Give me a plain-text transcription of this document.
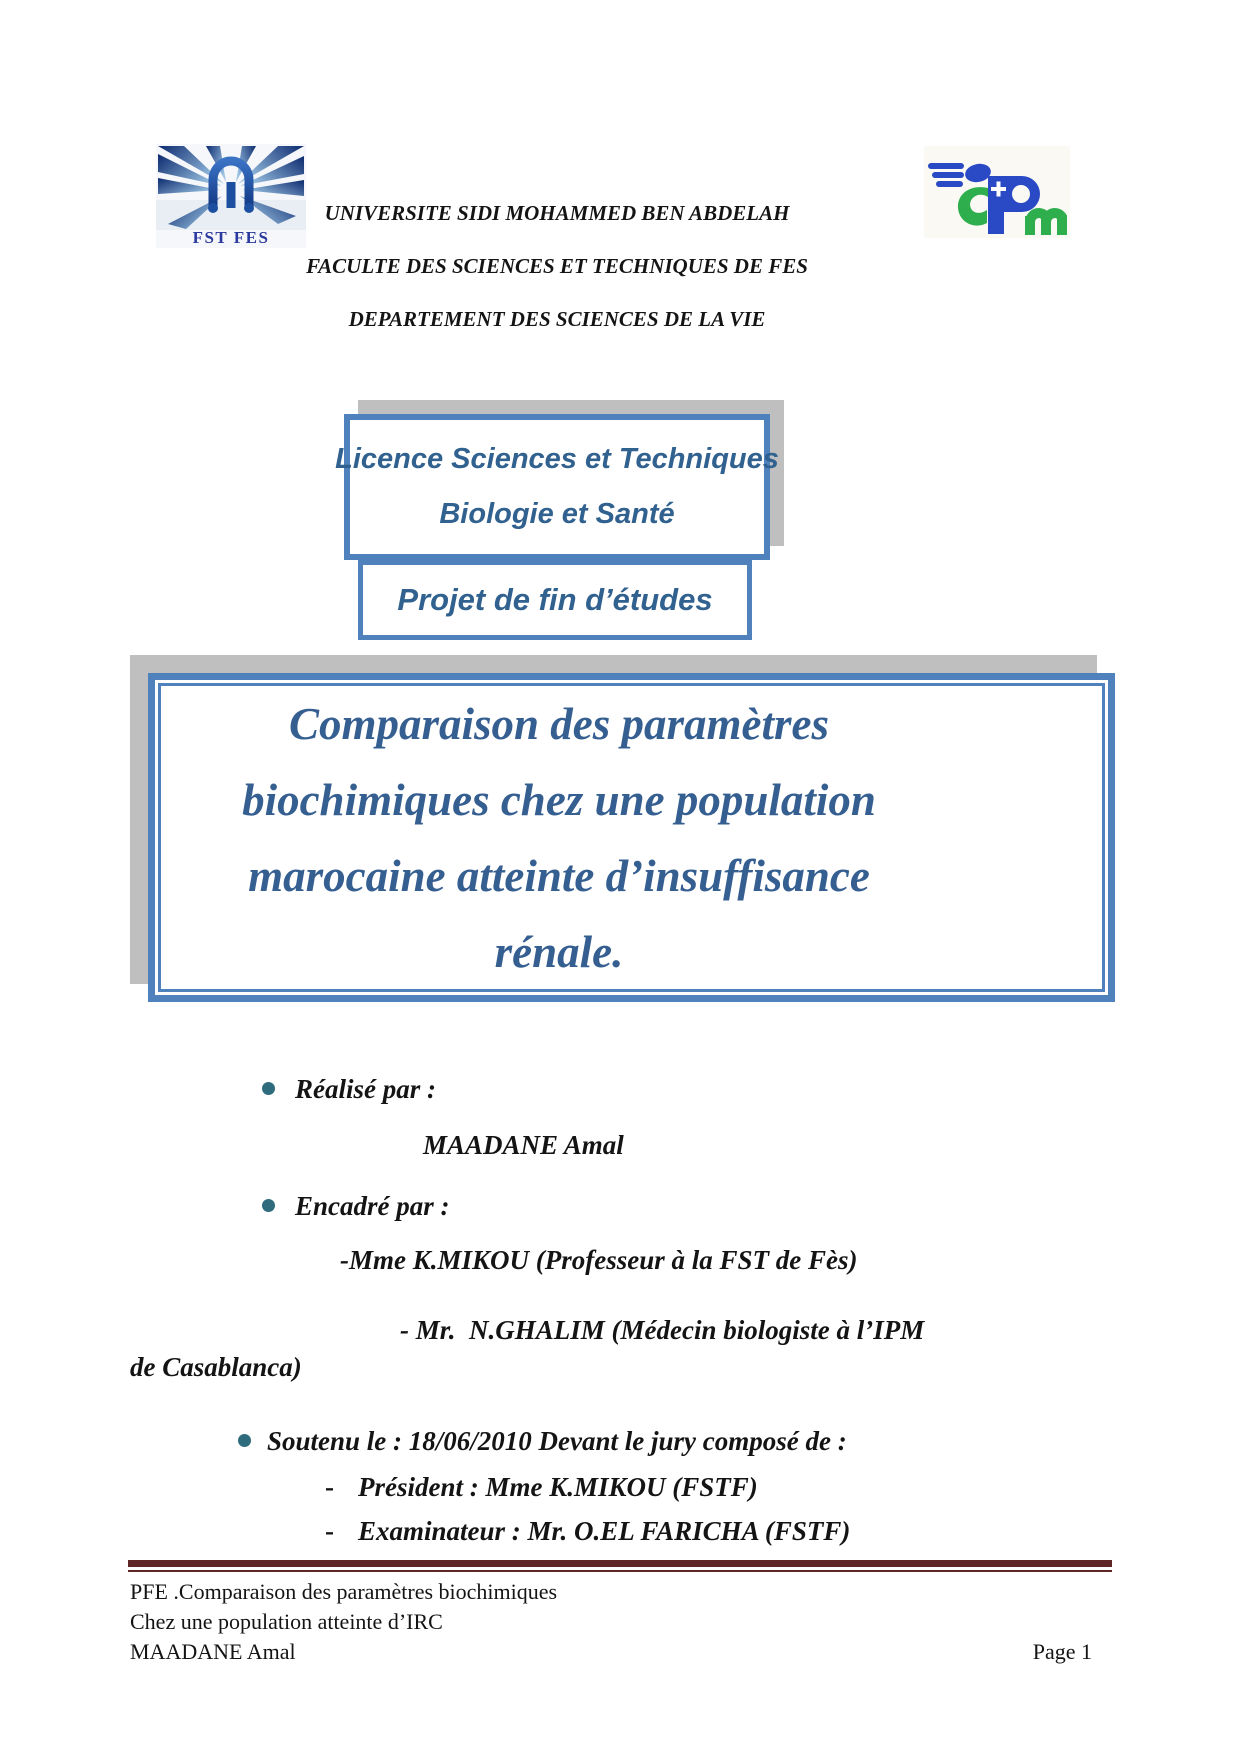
FST FES
UNIVERSITE SIDI MOHAMMED BEN ABDELAH
FACULTE DES SCIENCES ET TECHNIQUES DE FES
DEPARTEMENT DES SCIENCES DE LA VIE
Licence Sciences et Techniques
Biologie et Santé
Projet de fin d’études
Comparaison des paramètres
biochimiques chez une population
marocaine atteinte d’insuffisance
rénale.
Réalisé par :
MAADANE Amal
Encadré par :
-Mme K.MIKOU (Professeur à la FST de Fès)
- Mr.  N.GHALIM (Médecin biologiste à l’IPM
de Casablanca)
Soutenu le : 18/06/2010 Devant le jury composé de :
- Président : Mme K.MIKOU (FSTF)
- Examinateur : Mr. O.EL FARICHA (FSTF)
PFE .Comparaison des paramètres biochimiques
Chez une population atteinte d’IRC
MAADANE Amal	Page 1
